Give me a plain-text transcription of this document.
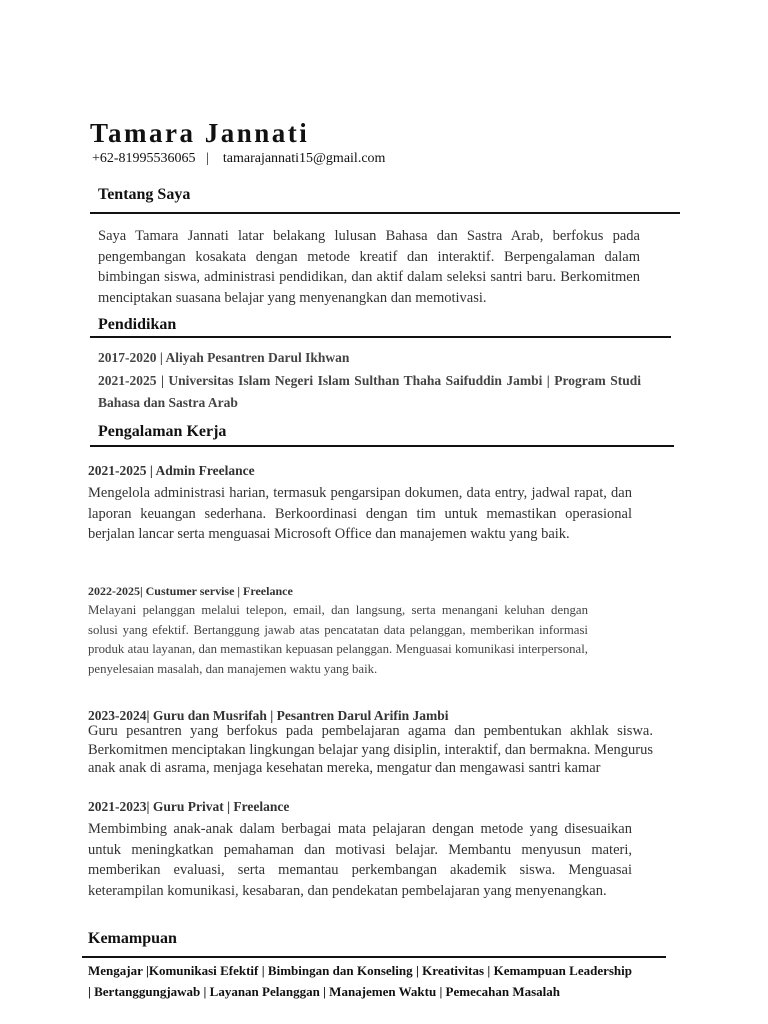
Tamara Jannati
+62-81995536065   |    tamarajannati15@gmail.com
Tentang Saya
Saya Tamara Jannati latar belakang lulusan Bahasa dan Sastra Arab, berfokus pada pengembangan kosakata dengan metode kreatif dan interaktif. Berpengalaman dalam bimbingan siswa, administrasi pendidikan, dan aktif dalam seleksi santri baru. Berkomitmen menciptakan suasana belajar yang menyenangkan dan memotivasi.
Pendidikan
2017-2020 | Aliyah Pesantren Darul Ikhwan
2021-2025 | Universitas Islam Negeri Islam Sulthan Thaha Saifuddin Jambi | Program Studi Bahasa dan Sastra Arab
Pengalaman Kerja
2021-2025 | Admin Freelance
Mengelola administrasi harian, termasuk pengarsipan dokumen, data entry, jadwal rapat, dan laporan keuangan sederhana. Berkoordinasi dengan tim untuk memastikan operasional berjalan lancar serta menguasai Microsoft Office dan manajemen waktu yang baik.
2022-2025| Custumer servise | Freelance
Melayani pelanggan melalui telepon, email, dan langsung, serta menangani keluhan dengan solusi yang efektif. Bertanggung jawab atas pencatatan data pelanggan, memberikan informasi produk atau layanan, dan memastikan kepuasan pelanggan. Menguasai komunikasi interpersonal, penyelesaian masalah, dan manajemen waktu yang baik.
2023-2024| Guru dan Musrifah | Pesantren Darul Arifin Jambi
Guru pesantren yang berfokus pada pembelajaran agama dan pembentukan akhlak siswa. Berkomitmen menciptakan lingkungan belajar yang disiplin, interaktif, dan bermakna. Mengurus anak anak di asrama, menjaga kesehatan mereka, mengatur dan mengawasi santri kamar
2021-2023| Guru Privat | Freelance
Membimbing anak-anak dalam berbagai mata pelajaran dengan metode yang disesuaikan untuk meningkatkan pemahaman dan motivasi belajar. Membantu menyusun materi, memberikan evaluasi, serta memantau perkembangan akademik siswa. Menguasai keterampilan komunikasi, kesabaran, dan pendekatan pembelajaran yang menyenangkan.
Kemampuan
Mengajar |Komunikasi Efektif | Bimbingan dan Konseling | Kreativitas | Kemampuan Leadership | Bertanggungjawab | Layanan Pelanggan | Manajemen Waktu | Pemecahan Masalah
